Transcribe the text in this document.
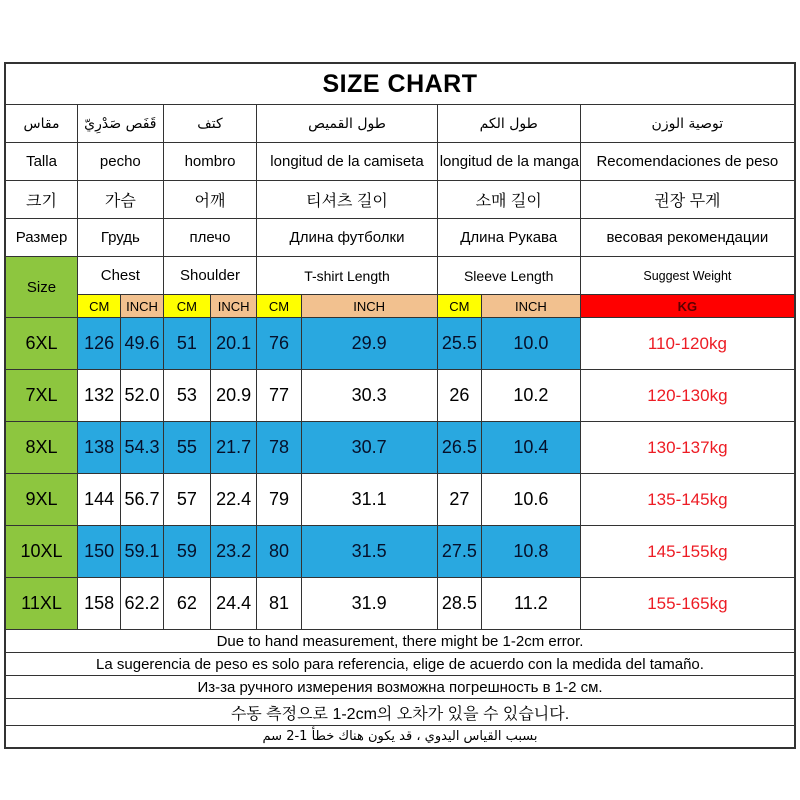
SIZE CHART									
مقاس	قَفَص صَدْرِيّ		كتف		طول القميص		طول الكم		توصية الوزن
Talla	pecho		hombro		longitud de la camiseta		longitud de la manga		Recomendaciones de peso
크기	가슴		어깨		티셔츠 길이		소매 길이		권장 무게
Размер	Грудь		плечо		Длина футболки		Длина Рукава		весовая рекомендации
Size	Chest		Shoulder		T-shirt Length		Sleeve Length		Suggest Weight
	CM	INCH	CM	INCH	CM	INCH	CM	INCH	KG
6XL	126	49.6	51	20.1	76	29.9	25.5	10.0	110-120kg
7XL	132	52.0	53	20.9	77	30.3	26	10.2	120-130kg
8XL	138	54.3	55	21.7	78	30.7	26.5	10.4	130-137kg
9XL	144	56.7	57	22.4	79	31.1	27	10.6	135-145kg
10XL	150	59.1	59	23.2	80	31.5	27.5	10.8	145-155kg
11XL	158	62.2	62	24.4	81	31.9	28.5	11.2	155-165kg
Due to hand measurement, there might be 1-2cm error.									
La sugerencia de peso es solo para referencia, elige de acuerdo con la medida del tamaño.									
Из-за ручного измерения возможна погрешность в 1-2 см.									
수동 측정으로 1-2cm의 오차가 있을 수 있습니다.									
بسبب القياس اليدوي ، قد يكون هناك خطأ 1-2 سم									
